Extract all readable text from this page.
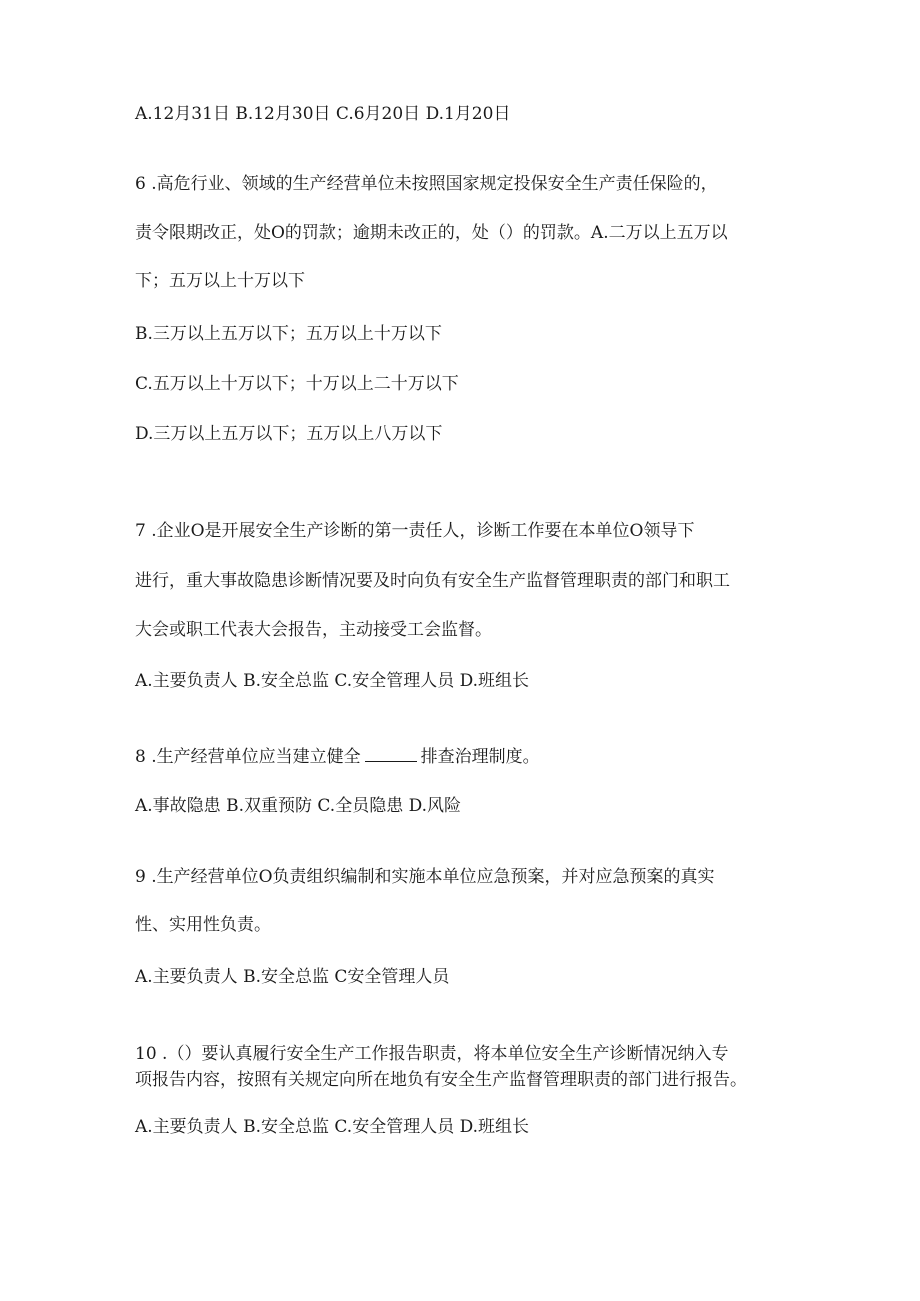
A.12月31日 B.12月30日 C.6月20日 D.1月20日

6 .高危行业、领域的生产经营单位未按照国家规定投保安全生产责任保险的，

责令限期改正，处O的罚款；逾期未改正的，处（）的罚款。A.二万以上五万以

下；五万以上十万以下

B.三万以上五万以下；五万以上十万以下

C.五万以上十万以下；十万以上二十万以下

D.三万以上五万以下；五万以上八万以下

7 .企业O是开展安全生产诊断的第一责任人，诊断工作要在本单位O领导下

进行，重大事故隐患诊断情况要及时向负有安全生产监督管理职责的部门和职工

大会或职工代表大会报告，主动接受工会监督。

A.主要负责人 B.安全总监 C.安全管理人员 D.班组长

8 .生产经营单位应当建立健全	排查治理制度。

A.事故隐患 B.双重预防 C.全员隐患 D.风险

9 .生产经营单位O负责组织编制和实施本单位应急预案，并对应急预案的真实

性、实用性负责。

A.主要负责人 B.安全总监 C安全管理人员

10 .（）要认真履行安全生产工作报告职责，将本单位安全生产诊断情况纳入专

项报告内容，按照有关规定向所在地负有安全生产监督管理职责的部门进行报告。

A.主要负责人 B.安全总监 C.安全管理人员 D.班组长
